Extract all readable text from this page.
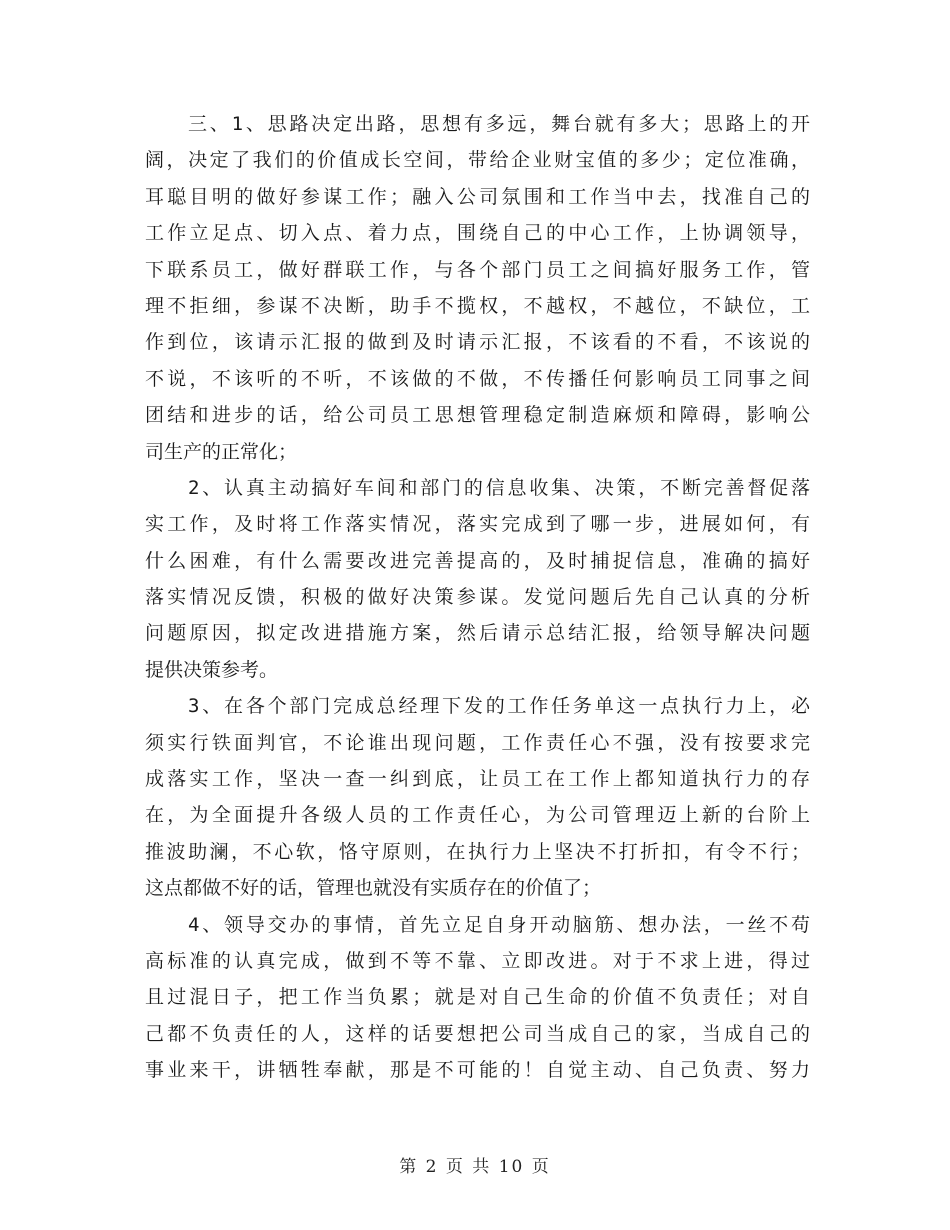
三、1、思路决定出路，思想有多远，舞台就有多大；思路上的开
阔，决定了我们的价值成长空间，带给企业财宝值的多少；定位准确，
耳聪目明的做好参谋工作；融入公司氛围和工作当中去，找准自己的
工作立足点、切入点、着力点，围绕自己的中心工作，上协调领导，
下联系员工，做好群联工作，与各个部门员工之间搞好服务工作，管
理不拒细，参谋不决断，助手不揽权，不越权，不越位，不缺位，工
作到位，该请示汇报的做到及时请示汇报，不该看的不看，不该说的
不说，不该听的不听，不该做的不做，不传播任何影响员工同事之间
团结和进步的话，给公司员工思想管理稳定制造麻烦和障碍，影响公
司生产的正常化；
2、认真主动搞好车间和部门的信息收集、决策，不断完善督促落
实工作，及时将工作落实情况，落实完成到了哪一步，进展如何，有
什么困难，有什么需要改进完善提高的，及时捕捉信息，准确的搞好
落实情况反馈，积极的做好决策参谋。发觉问题后先自己认真的分析
问题原因，拟定改进措施方案，然后请示总结汇报，给领导解决问题
提供决策参考。
3、在各个部门完成总经理下发的工作任务单这一点执行力上，必
须实行铁面判官，不论谁出现问题，工作责任心不强，没有按要求完
成落实工作，坚决一查一纠到底，让员工在工作上都知道执行力的存
在，为全面提升各级人员的工作责任心，为公司管理迈上新的台阶上
推波助澜，不心软，恪守原则，在执行力上坚决不打折扣，有令不行；
这点都做不好的话，管理也就没有实质存在的价值了；
4、领导交办的事情，首先立足自身开动脑筋、想办法，一丝不苟
高标准的认真完成，做到不等不靠、立即改进。对于不求上进，得过
且过混日子，把工作当负累；就是对自己生命的价值不负责任；对自
己都不负责任的人，这样的话要想把公司当成自己的家，当成自己的
事业来干，讲牺牲奉献，那是不可能的！自觉主动、自己负责、努力
第 2 页 共 10 页
